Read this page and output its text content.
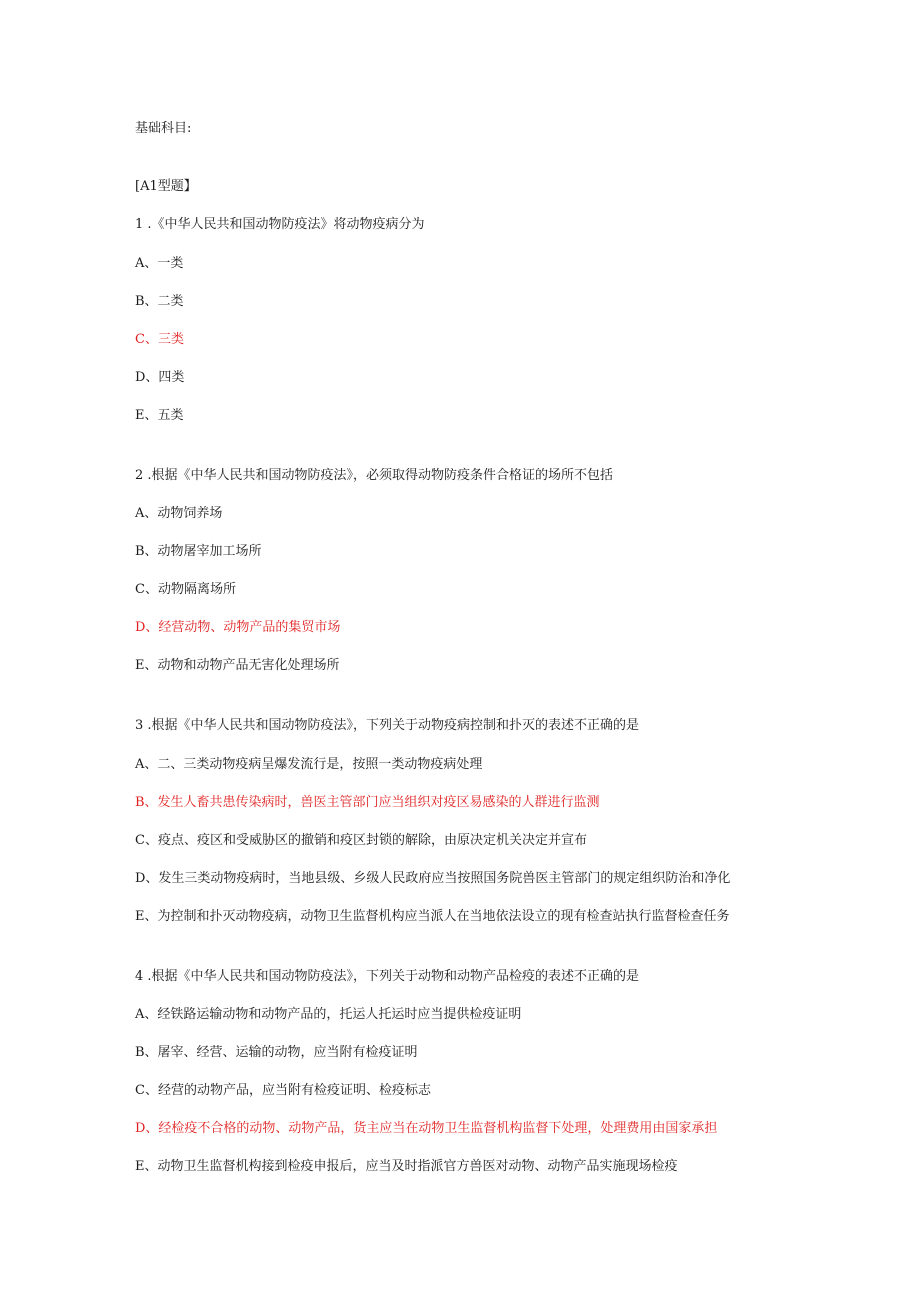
基础科目:
[A1型题】
1 .《中华人民共和国动物防疫法》将动物疫病分为
A、一类
B、二类
C、三类
D、四类
E、五类
2 .根据《中华人民共和国动物防疫法》，必须取得动物防疫条件合格证的场所不包括
A、动物饲养场
B、动物屠宰加工场所
C、动物隔离场所
D、经营动物、动物产品的集贸市场
E、动物和动物产品无害化处理场所
3 .根据《中华人民共和国动物防疫法》，下列关于动物疫病控制和扑灭的表述不正确的是
A、二、三类动物疫病呈爆发流行是，按照一类动物疫病处理
B、发生人畜共患传染病时，兽医主管部门应当组织对疫区易感染的人群进行监测
C、疫点、疫区和受威胁区的撤销和疫区封锁的解除，由原决定机关决定并宣布
D、发生三类动物疫病时，当地县级、乡级人民政府应当按照国务院兽医主管部门的规定组织防治和净化
E、为控制和扑灭动物疫病，动物卫生监督机构应当派人在当地依法设立的现有检查站执行监督检查任务
4 .根据《中华人民共和国动物防疫法》，下列关于动物和动物产品检疫的表述不正确的是
A、经铁路运输动物和动物产品的，托运人托运时应当提供检疫证明
B、屠宰、经营、运输的动物，应当附有检疫证明
C、经营的动物产品，应当附有检疫证明、检疫标志
D、经检疫不合格的动物、动物产品，货主应当在动物卫生监督机构监督下处理，处理费用由国家承担
E、动物卫生监督机构接到检疫申报后，应当及时指派官方兽医对动物、动物产品实施现场检疫
